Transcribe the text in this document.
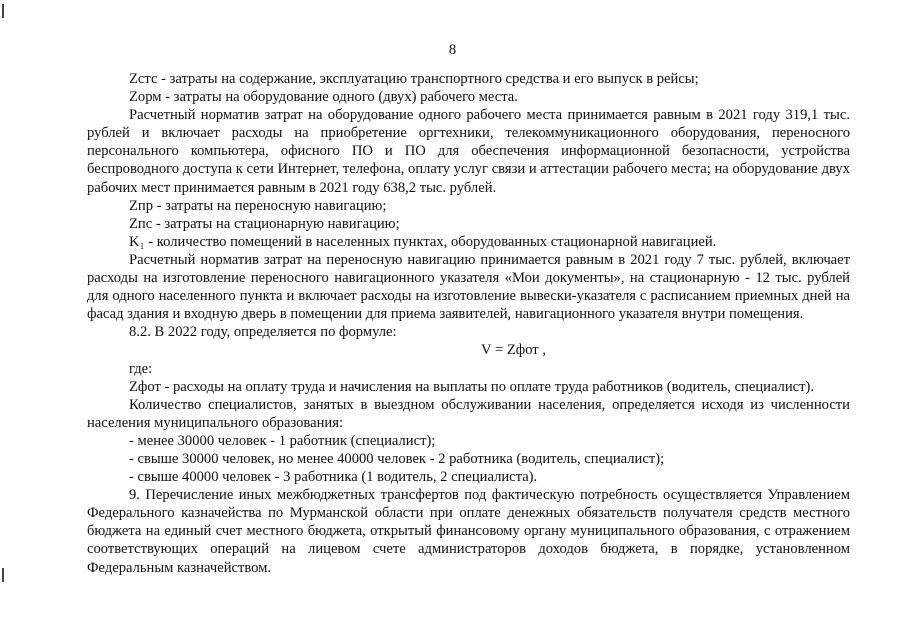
8

Zстс - затраты на содержание, эксплуатацию транспортного средства и его выпуск в рейсы;

Zорм - затраты на оборудование одного (двух) рабочего места.

Расчетный норматив затрат на оборудование одного рабочего места принимается равным в 2021 году 319,1 тыс. рублей и включает расходы на приобретение оргтехники, телекоммуникационного оборудования, переносного персонального компьютера, офисного ПО и ПО для обеспечения информационной безопасности, устройства беспроводного доступа к сети Интернет, телефона, оплату услуг связи и аттестации рабочего места; на оборудование двух рабочих мест принимается равным в 2021 году 638,2 тыс. рублей.

Zпр - затраты на переносную навигацию;

Zпс - затраты на стационарную навигацию;

K₁ - количество помещений в населенных пунктах, оборудованных стационарной навигацией.

Расчетный норматив затрат на переносную навигацию принимается равным в 2021 году 7 тыс. рублей, включает расходы на изготовление переносного навигационного указателя «Мои документы», на стационарную - 12 тыс. рублей для одного населенного пункта и включает расходы на изготовление вывески-указателя с расписанием приемных дней на фасад здания и входную дверь в помещении для приема заявителей, навигационного указателя внутри помещения.

8.2. В 2022 году, определяется по формуле:

V = Zфот ,

где:

Zфот - расходы на оплату труда и начисления на выплаты по оплате труда работников (водитель, специалист).

Количество специалистов, занятых в выездном обслуживании населения, определяется исходя из численности населения муниципального образования:

- менее 30000 человек - 1 работник (специалист);

- свыше 30000 человек, но менее 40000 человек - 2 работника (водитель, специалист);

- свыше 40000 человек - 3 работника (1 водитель, 2 специалиста).

9. Перечисление иных межбюджетных трансфертов под фактическую потребность осуществляется Управлением Федерального казначейства по Мурманской области при оплате денежных обязательств получателя средств местного бюджета на единый счет местного бюджета, открытый финансовому органу муниципального образования, с отражением соответствующих операций на лицевом счете администраторов доходов бюджета, в порядке, установленном Федеральным казначейством.
